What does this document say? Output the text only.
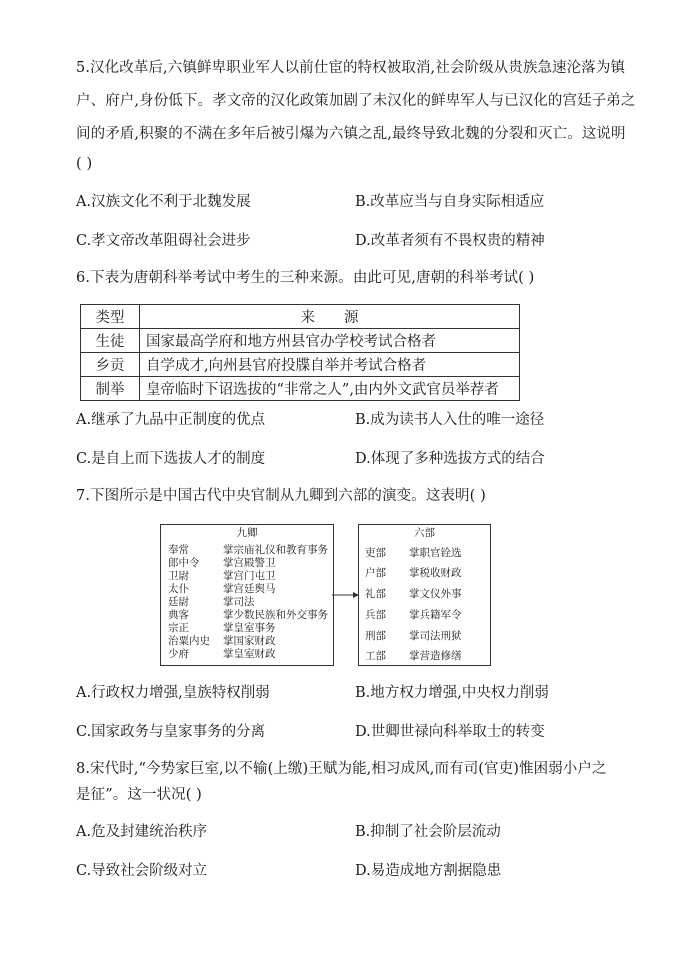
5.汉化改革后,六镇鲜卑职业军人以前仕宦的特权被取消,社会阶级从贵族急速沦落为镇
户、府户,身份低下。孝文帝的汉化政策加剧了未汉化的鲜卑军人与已汉化的宫廷子弟之
间的矛盾,积聚的不满在多年后被引爆为六镇之乱,最终导致北魏的分裂和灭亡。这说明
( )
A.汉族文化不利于北魏发展	B.改革应当与自身实际相适应
C.孝文帝改革阻碍社会进步	D.改革者须有不畏权贵的精神
6.下表为唐朝科举考试中考生的三种来源。由此可见,唐朝的科举考试( )
类型	来　　源
生徒	国家最高学府和地方州县官办学校考试合格者
乡贡	自学成才,向州县官府投牒自举并考试合格者
制举	皇帝临时下诏选拔的“非常之人”,由内外文武官员举荐者
A.继承了九品中正制度的优点	B.成为读书人入仕的唯一途径
C.是自上而下选拔人才的制度	D.体现了多种选拔方式的结合
7.下图所示是中国古代中央官制从九卿到六部的演变。这表明( )
九卿
奉常	掌宗庙礼仪和教育事务
郎中令 掌宫殿警卫
卫尉	掌宫门屯卫
太仆	掌宫廷舆马
廷尉	掌司法
典客	掌少数民族和外交事务
宗正	掌皇室事务
治粟内史 掌国家财政
少府	掌皇室财政
六部
吏部 掌职官铨选
户部 掌税收财政
礼部 掌文仪外事
兵部 掌兵籍军令
刑部 掌司法刑狱
工部 掌营造修缮
A.行政权力增强,皇族特权削弱	B.地方权力增强,中央权力削弱
C.国家政务与皇家事务的分离	D.世卿世禄向科举取士的转变
8.宋代时,“今势家巨室,以不输(上缴)王赋为能,相习成风,而有司(官吏)惟困弱小户之
是征”。这一状况( )
A.危及封建统治秩序	B.抑制了社会阶层流动
C.导致社会阶级对立	D.易造成地方割据隐患
